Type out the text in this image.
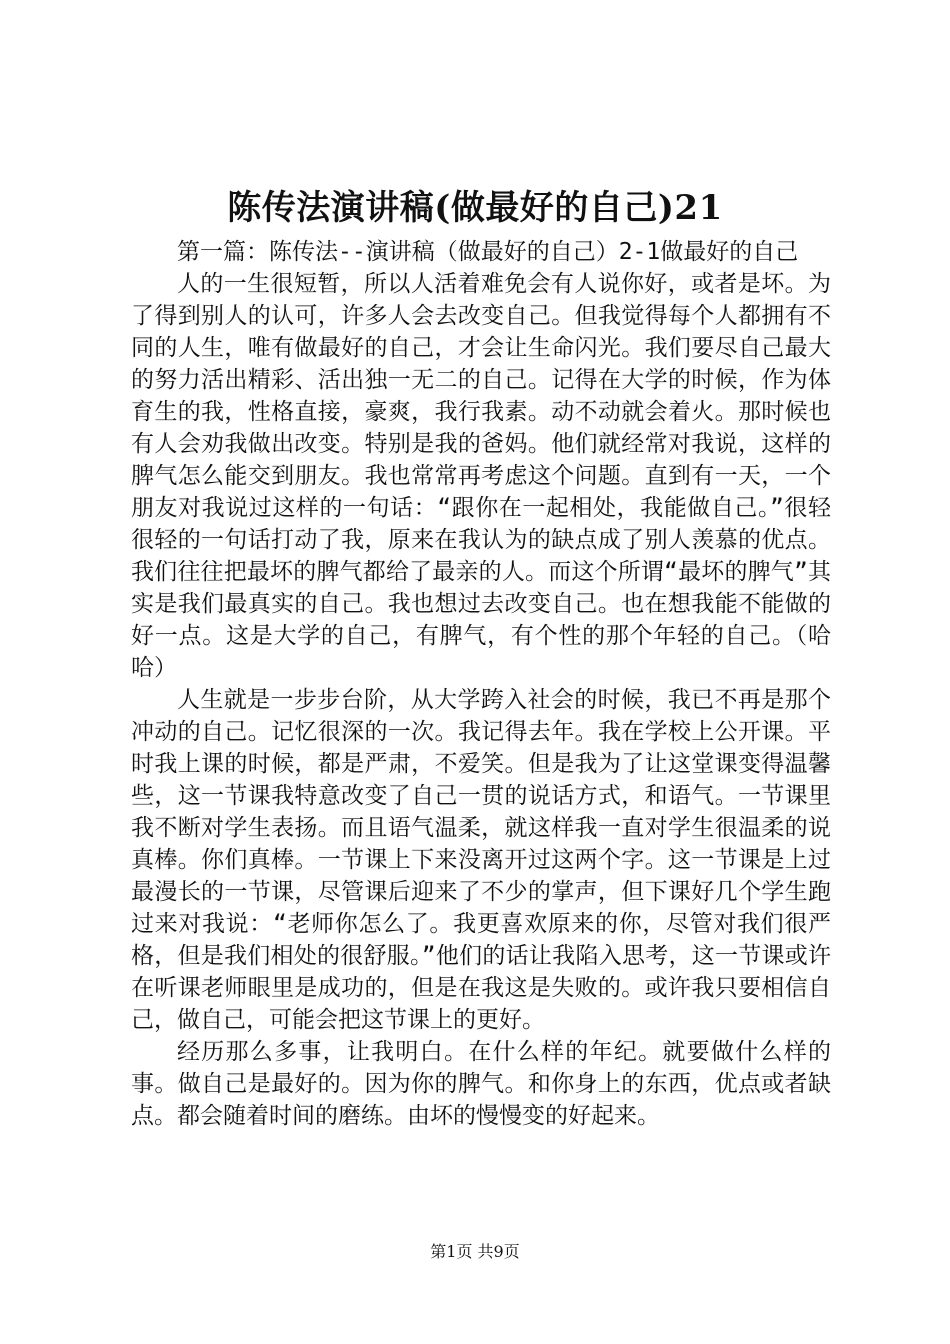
陈传法演讲稿(做最好的自己)21

第一篇：陈传法--演讲稿（做最好的自己）2-1做最好的自己

人的一生很短暂，所以人活着难免会有人说你好，或者是坏。为了得到别人的认可，许多人会去改变自己。但我觉得每个人都拥有不同的人生，唯有做最好的自己，才会让生命闪光。我们要尽自己最大的努力活出精彩、活出独一无二的自己。记得在大学的时候，作为体育生的我，性格直接，豪爽，我行我素。动不动就会着火。那时候也有人会劝我做出改变。特别是我的爸妈。他们就经常对我说，这样的脾气怎么能交到朋友。我也常常再考虑这个问题。直到有一天，一个朋友对我说过这样的一句话：“跟你在一起相处，我能做自己。”很轻很轻的一句话打动了我，原来在我认为的缺点成了别人羡慕的优点。我们往往把最坏的脾气都给了最亲的人。而这个所谓“最坏的脾气”其实是我们最真实的自己。我也想过去改变自己。也在想我能不能做的好一点。这是大学的自己，有脾气，有个性的那个年轻的自己。（哈哈）

人生就是一步步台阶，从大学跨入社会的时候，我已不再是那个冲动的自己。记忆很深的一次。我记得去年。我在学校上公开课。平时我上课的时候，都是严肃，不爱笑。但是我为了让这堂课变得温馨些，这一节课我特意改变了自己一贯的说话方式，和语气。一节课里我不断对学生表扬。而且语气温柔，就这样我一直对学生很温柔的说真棒。你们真棒。一节课上下来没离开过这两个字。这一节课是上过最漫长的一节课，尽管课后迎来了不少的掌声，但下课好几个学生跑过来对我说：“老师你怎么了。我更喜欢原来的你，尽管对我们很严格，但是我们相处的很舒服。”他们的话让我陷入思考，这一节课或许在听课老师眼里是成功的，但是在我这是失败的。或许我只要相信自己，做自己，可能会把这节课上的更好。

经历那么多事，让我明白。在什么样的年纪。就要做什么样的事。做自己是最好的。因为你的脾气。和你身上的东西，优点或者缺点。都会随着时间的磨练。由坏的慢慢变的好起来。

第1页 共9页
